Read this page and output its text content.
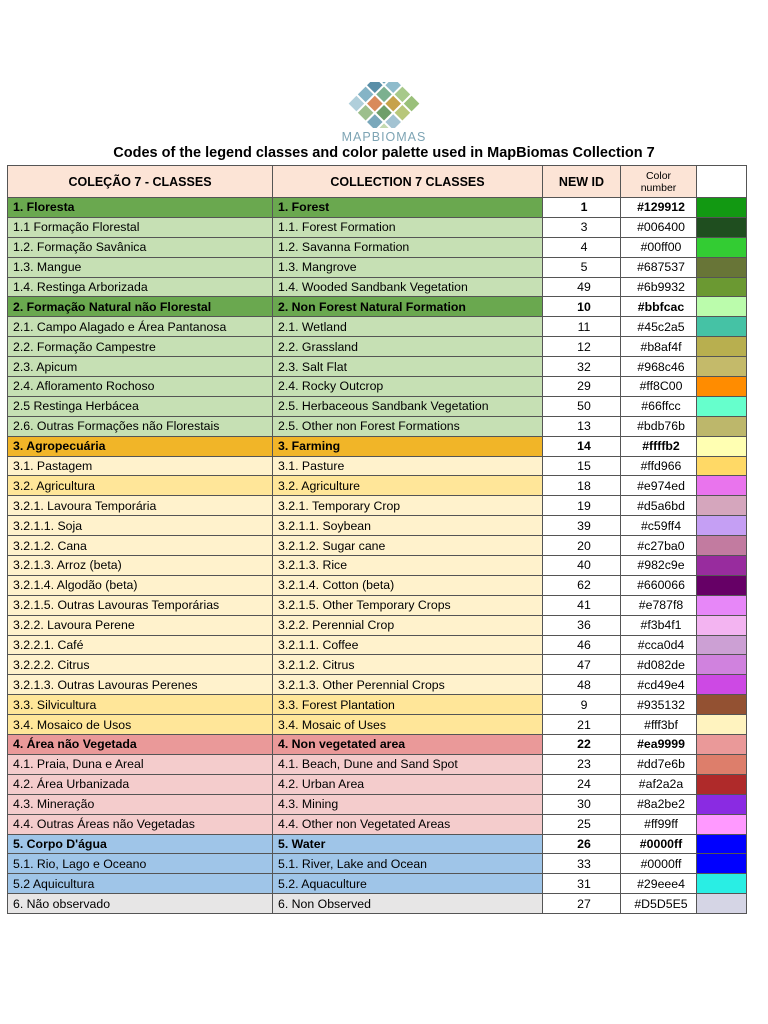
MAPBIOMAS
Codes of the legend classes and color palette used in MapBiomas Collection 7
COLEÇÃO 7 - CLASSES	COLLECTION 7 CLASSES	NEW ID	Color
number	
1. Floresta	1. Forest	1	#129912	
1.1 Formação Florestal	1.1. Forest Formation	3	#006400	
1.2. Formação Savânica	1.2. Savanna Formation	4	#00ff00	
1.3. Mangue	1.3. Mangrove	5	#687537	
1.4. Restinga Arborizada	1.4. Wooded Sandbank Vegetation	49	#6b9932	
2. Formação Natural não Florestal	2. Non Forest Natural Formation	10	#bbfcac	
2.1. Campo Alagado e Área Pantanosa	2.1. Wetland	11	#45c2a5	
2.2. Formação Campestre	2.2. Grassland	12	#b8af4f	
2.3. Apicum	2.3. Salt Flat	32	#968c46	
2.4. Afloramento Rochoso	2.4. Rocky Outcrop	29	#ff8C00	
2.5 Restinga Herbácea	2.5. Herbaceous Sandbank Vegetation	50	#66ffcc	
2.6. Outras Formações não Florestais	2.5. Other non Forest Formations	13	#bdb76b	
3. Agropecuária	3. Farming	14	#ffffb2	
3.1. Pastagem	3.1. Pasture	15	#ffd966	
3.2. Agricultura	3.2. Agriculture	18	#e974ed	
3.2.1. Lavoura Temporária	3.2.1. Temporary Crop	19	#d5a6bd	
3.2.1.1. Soja	3.2.1.1. Soybean	39	#c59ff4	
3.2.1.2. Cana	3.2.1.2. Sugar cane	20	#c27ba0	
3.2.1.3. Arroz (beta)	3.2.1.3. Rice	40	#982c9e	
3.2.1.4. Algodão (beta)	3.2.1.4. Cotton (beta)	62	#660066	
3.2.1.5. Outras Lavouras Temporárias	3.2.1.5. Other Temporary Crops	41	#e787f8	
3.2.2. Lavoura Perene	3.2.2. Perennial Crop	36	#f3b4f1	
3.2.2.1. Café	3.2.1.1. Coffee	46	#cca0d4	
3.2.2.2. Citrus	3.2.1.2. Citrus	47	#d082de	
3.2.1.3. Outras Lavouras Perenes	3.2.1.3. Other Perennial Crops	48	#cd49e4	
3.3. Silvicultura	3.3. Forest Plantation	9	#935132	
3.4. Mosaico de Usos	3.4. Mosaic of Uses	21	#fff3bf	
4. Área não Vegetada	4. Non vegetated area	22	#ea9999	
4.1. Praia, Duna e Areal	4.1. Beach, Dune and Sand Spot	23	#dd7e6b	
4.2. Área Urbanizada	4.2. Urban Area	24	#af2a2a	
4.3. Mineração	4.3. Mining	30	#8a2be2	
4.4. Outras Áreas não Vegetadas	4.4. Other non Vegetated Areas	25	#ff99ff	
5. Corpo D'água	5. Water	26	#0000ff	
5.1. Rio, Lago e Oceano	5.1. River, Lake and Ocean	33	#0000ff	
5.2 Aquicultura	5.2. Aquaculture	31	#29eee4	
6. Não observado	6. Non Observed	27	#D5D5E5	
